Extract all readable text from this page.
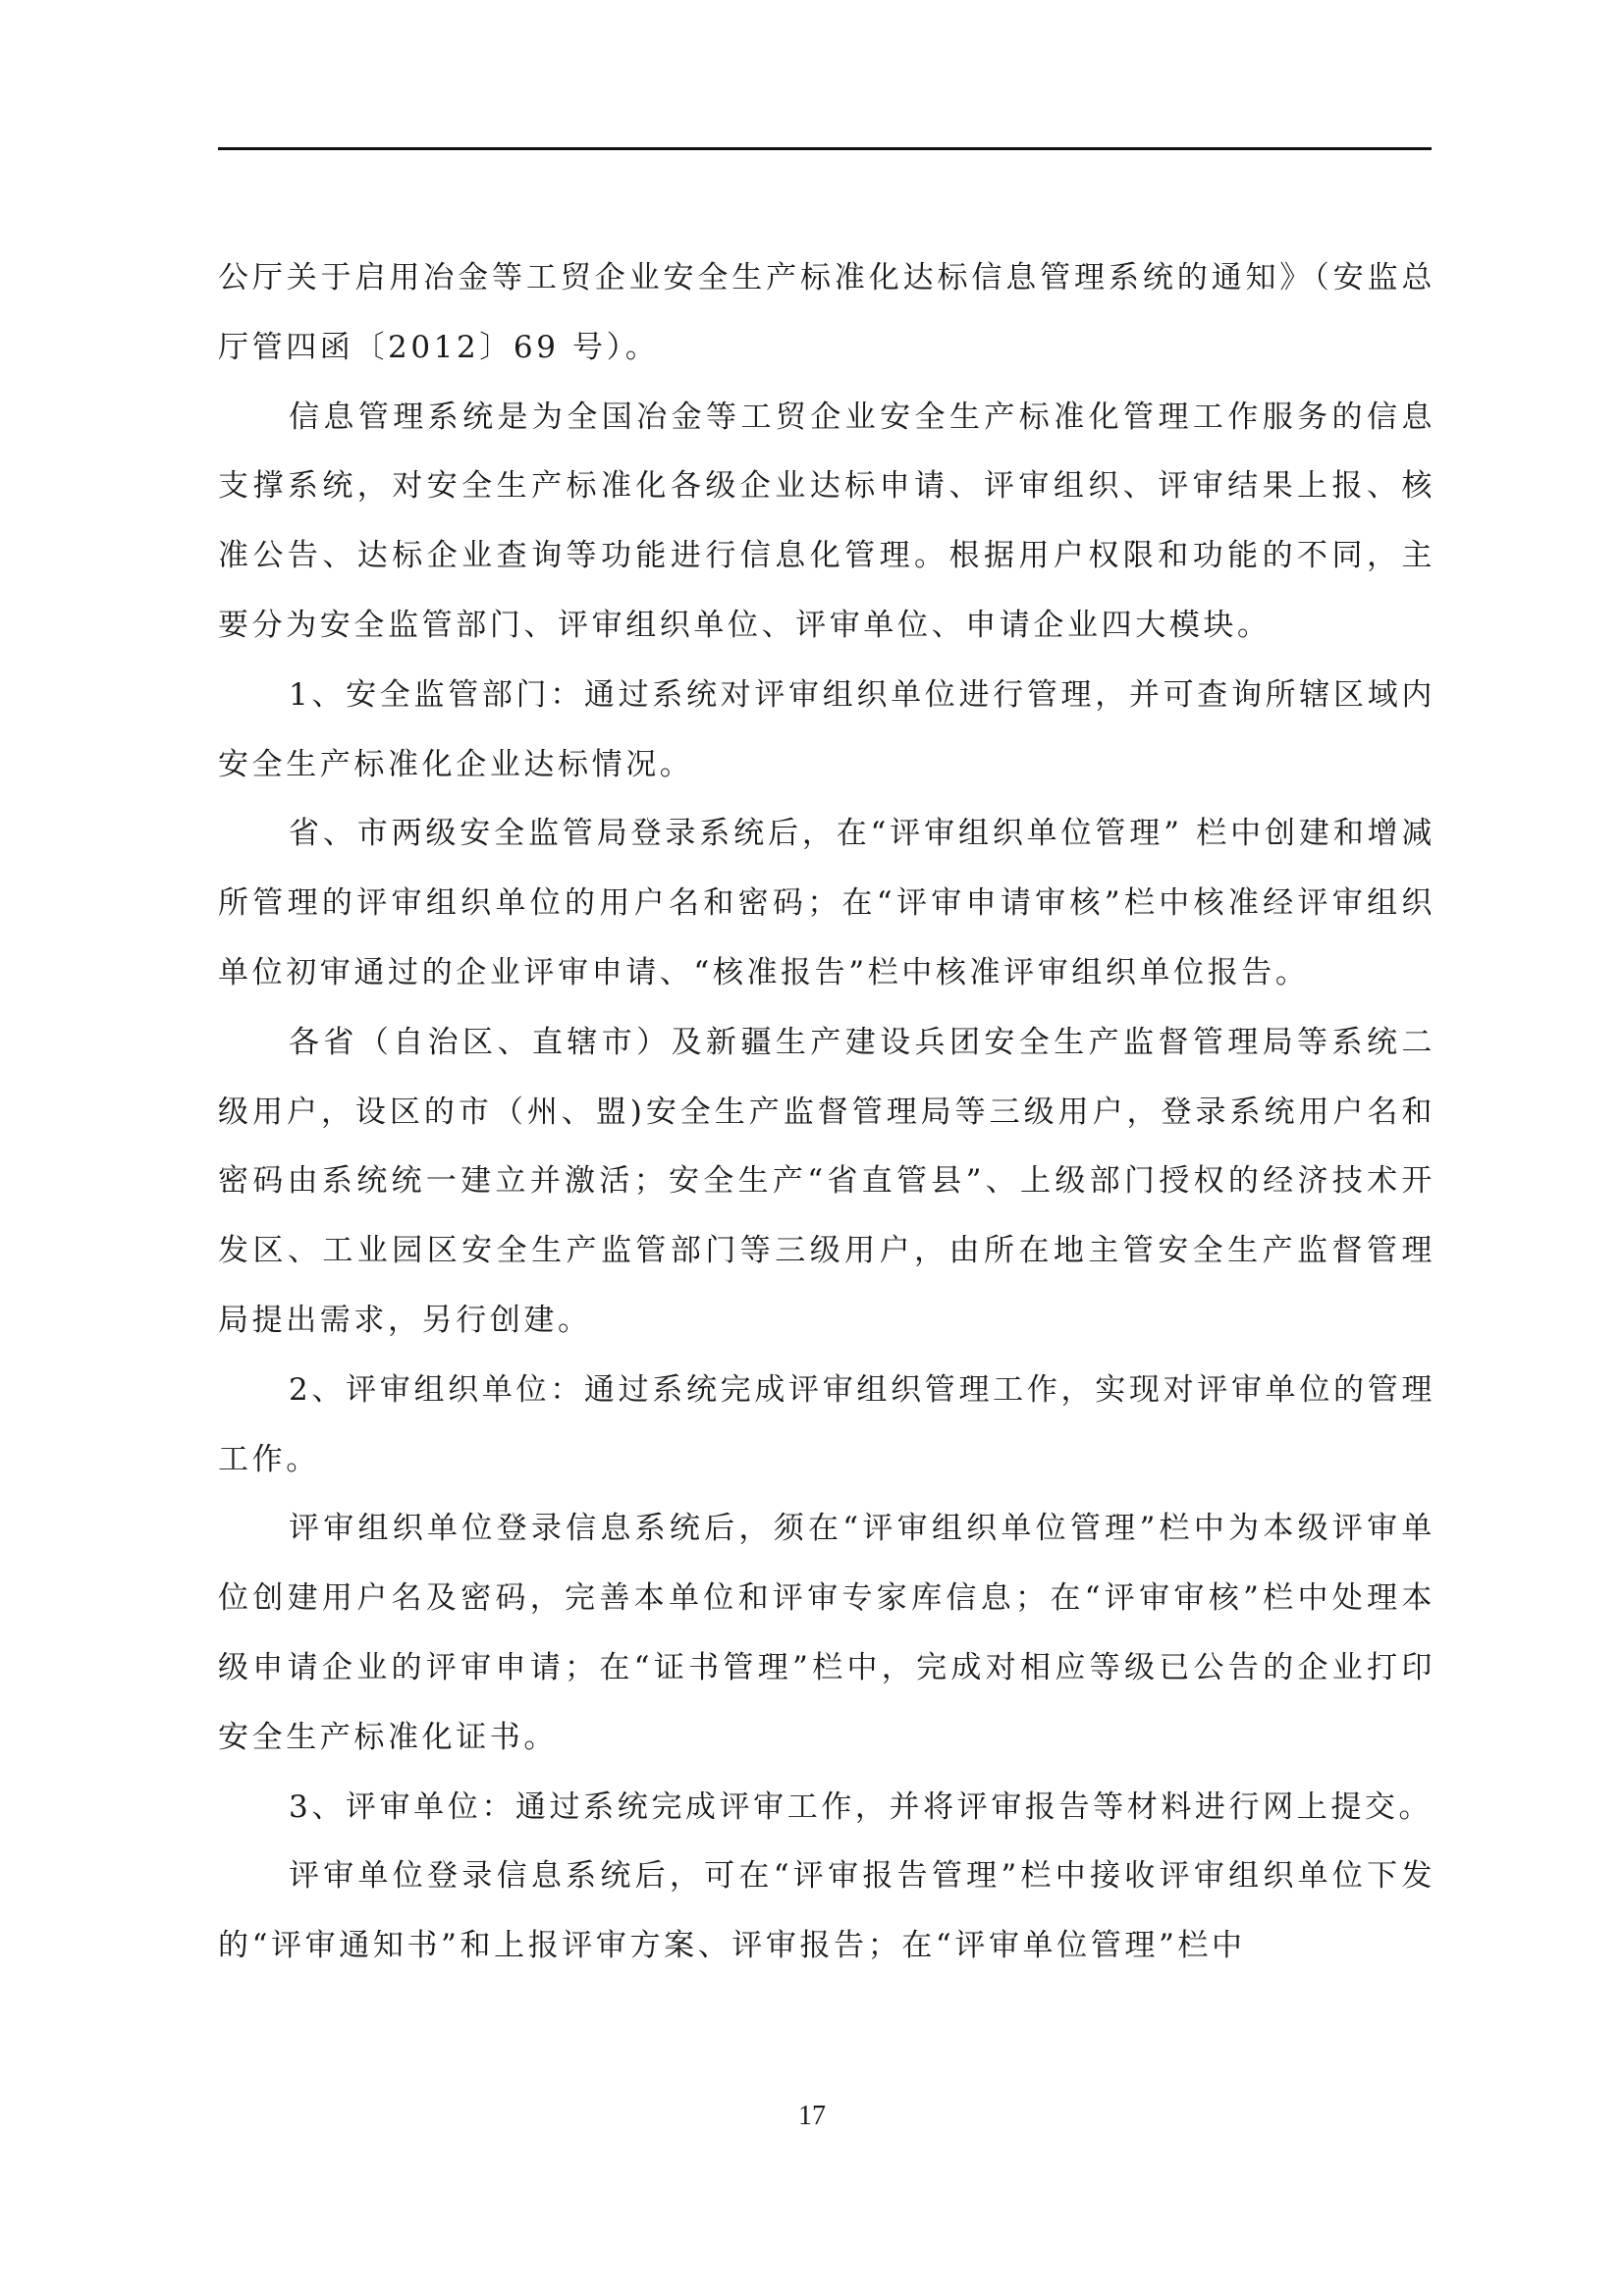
公厅关于启用冶金等工贸企业安全生产标准化达标信息管理系统的通知》（安监总厅管四函〔2012〕69 号）。

信息管理系统是为全国冶金等工贸企业安全生产标准化管理工作服务的信息支撑系统，对安全生产标准化各级企业达标申请、评审组织、评审结果上报、核准公告、达标企业查询等功能进行信息化管理。根据用户权限和功能的不同，主要分为安全监管部门、评审组织单位、评审单位、申请企业四大模块。

1、安全监管部门：通过系统对评审组织单位进行管理，并可查询所辖区域内安全生产标准化企业达标情况。

省、市两级安全监管局登录系统后，在“评审组织单位管理” 栏中创建和增减所管理的评审组织单位的用户名和密码；在“评审申请审核”栏中核准经评审组织单位初审通过的企业评审申请、“核准报告”栏中核准评审组织单位报告。

各省（自治区、直辖市）及新疆生产建设兵团安全生产监督管理局等系统二级用户，设区的市（州、盟)安全生产监督管理局等三级用户，登录系统用户名和密码由系统统一建立并激活；安全生产“省直管县”、上级部门授权的经济技术开发区、工业园区安全生产监管部门等三级用户，由所在地主管安全生产监督管理局提出需求，另行创建。

2、评审组织单位：通过系统完成评审组织管理工作，实现对评审单位的管理工作。

评审组织单位登录信息系统后，须在“评审组织单位管理”栏中为本级评审单位创建用户名及密码，完善本单位和评审专家库信息；在“评审审核”栏中处理本级申请企业的评审申请；在“证书管理”栏中，完成对相应等级已公告的企业打印安全生产标准化证书。

3、评审单位：通过系统完成评审工作，并将评审报告等材料进行网上提交。

评审单位登录信息系统后，可在“评审报告管理”栏中接收评审组织单位下发的“评审通知书”和上报评审方案、评审报告；在“评审单位管理”栏中

17
